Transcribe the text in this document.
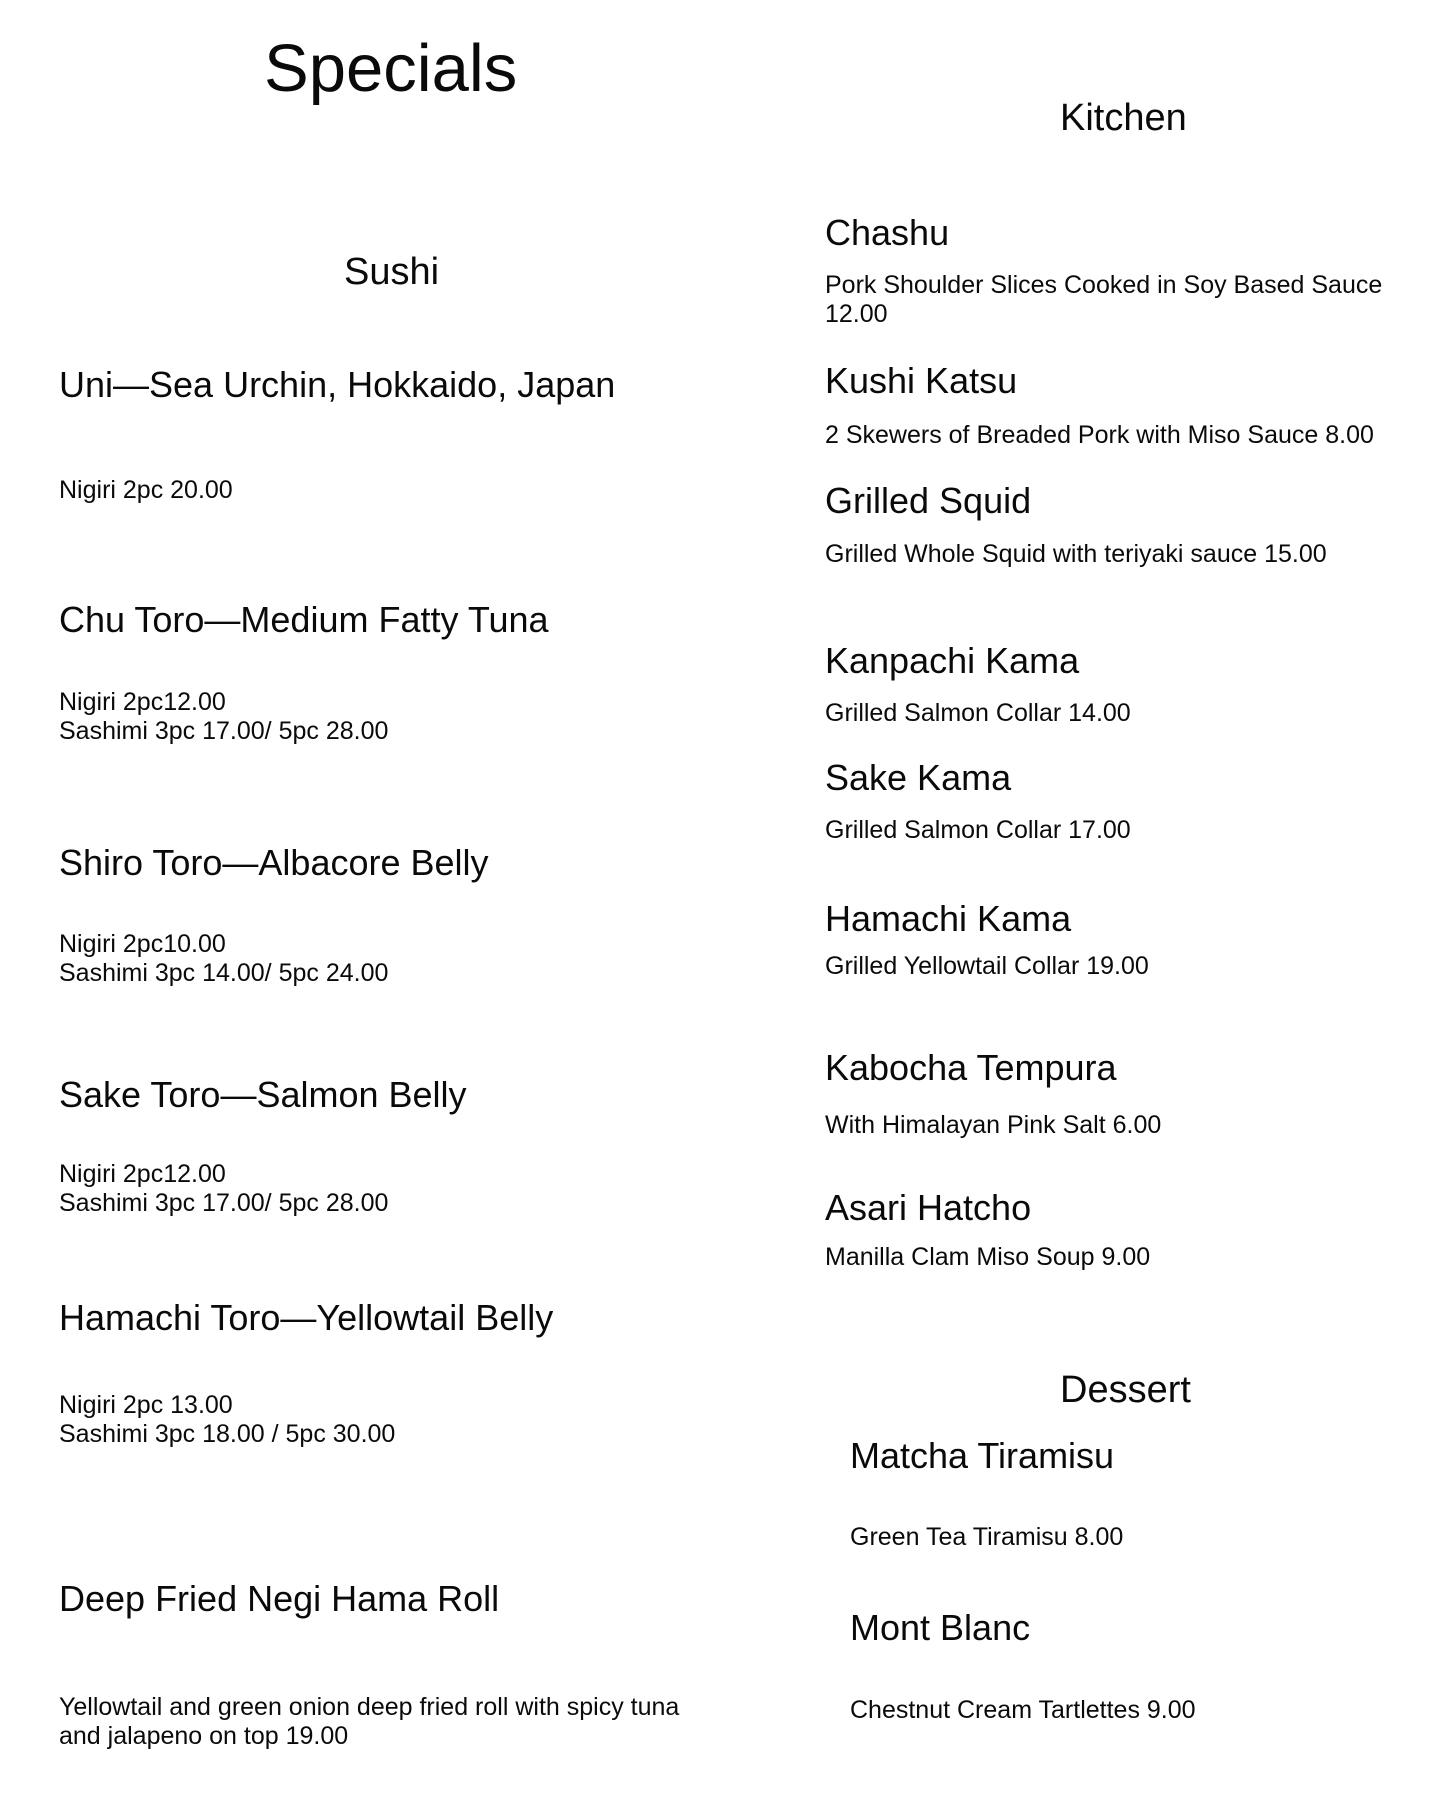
Specials
Sushi
Kitchen
Dessert
Uni—Sea Urchin, Hokkaido, Japan
Nigiri 2pc 20.00
Chu Toro—Medium Fatty Tuna
Nigiri 2pc12.00
Sashimi 3pc 17.00/ 5pc 28.00
Shiro Toro—Albacore Belly
Nigiri 2pc10.00
Sashimi 3pc 14.00/ 5pc 24.00
Sake Toro—Salmon Belly
Nigiri 2pc12.00
Sashimi 3pc 17.00/ 5pc 28.00
Hamachi Toro—Yellowtail Belly
Nigiri 2pc 13.00
Sashimi 3pc 18.00 / 5pc 30.00
Deep Fried Negi Hama Roll
Yellowtail and green onion deep fried roll with spicy tuna
and jalapeno on top 19.00
Chashu
Pork Shoulder Slices Cooked in Soy Based Sauce
12.00
Kushi Katsu
2 Skewers of Breaded Pork with Miso Sauce 8.00
Grilled Squid
Grilled Whole Squid with teriyaki sauce 15.00
Kanpachi Kama
Grilled Salmon Collar 14.00
Sake Kama
Grilled Salmon Collar 17.00
Hamachi Kama
Grilled Yellowtail Collar 19.00
Kabocha Tempura
With Himalayan Pink Salt 6.00
Asari Hatcho
Manilla Clam Miso Soup 9.00
Matcha Tiramisu
Green Tea Tiramisu 8.00
Mont Blanc
Chestnut Cream Tartlettes 9.00
